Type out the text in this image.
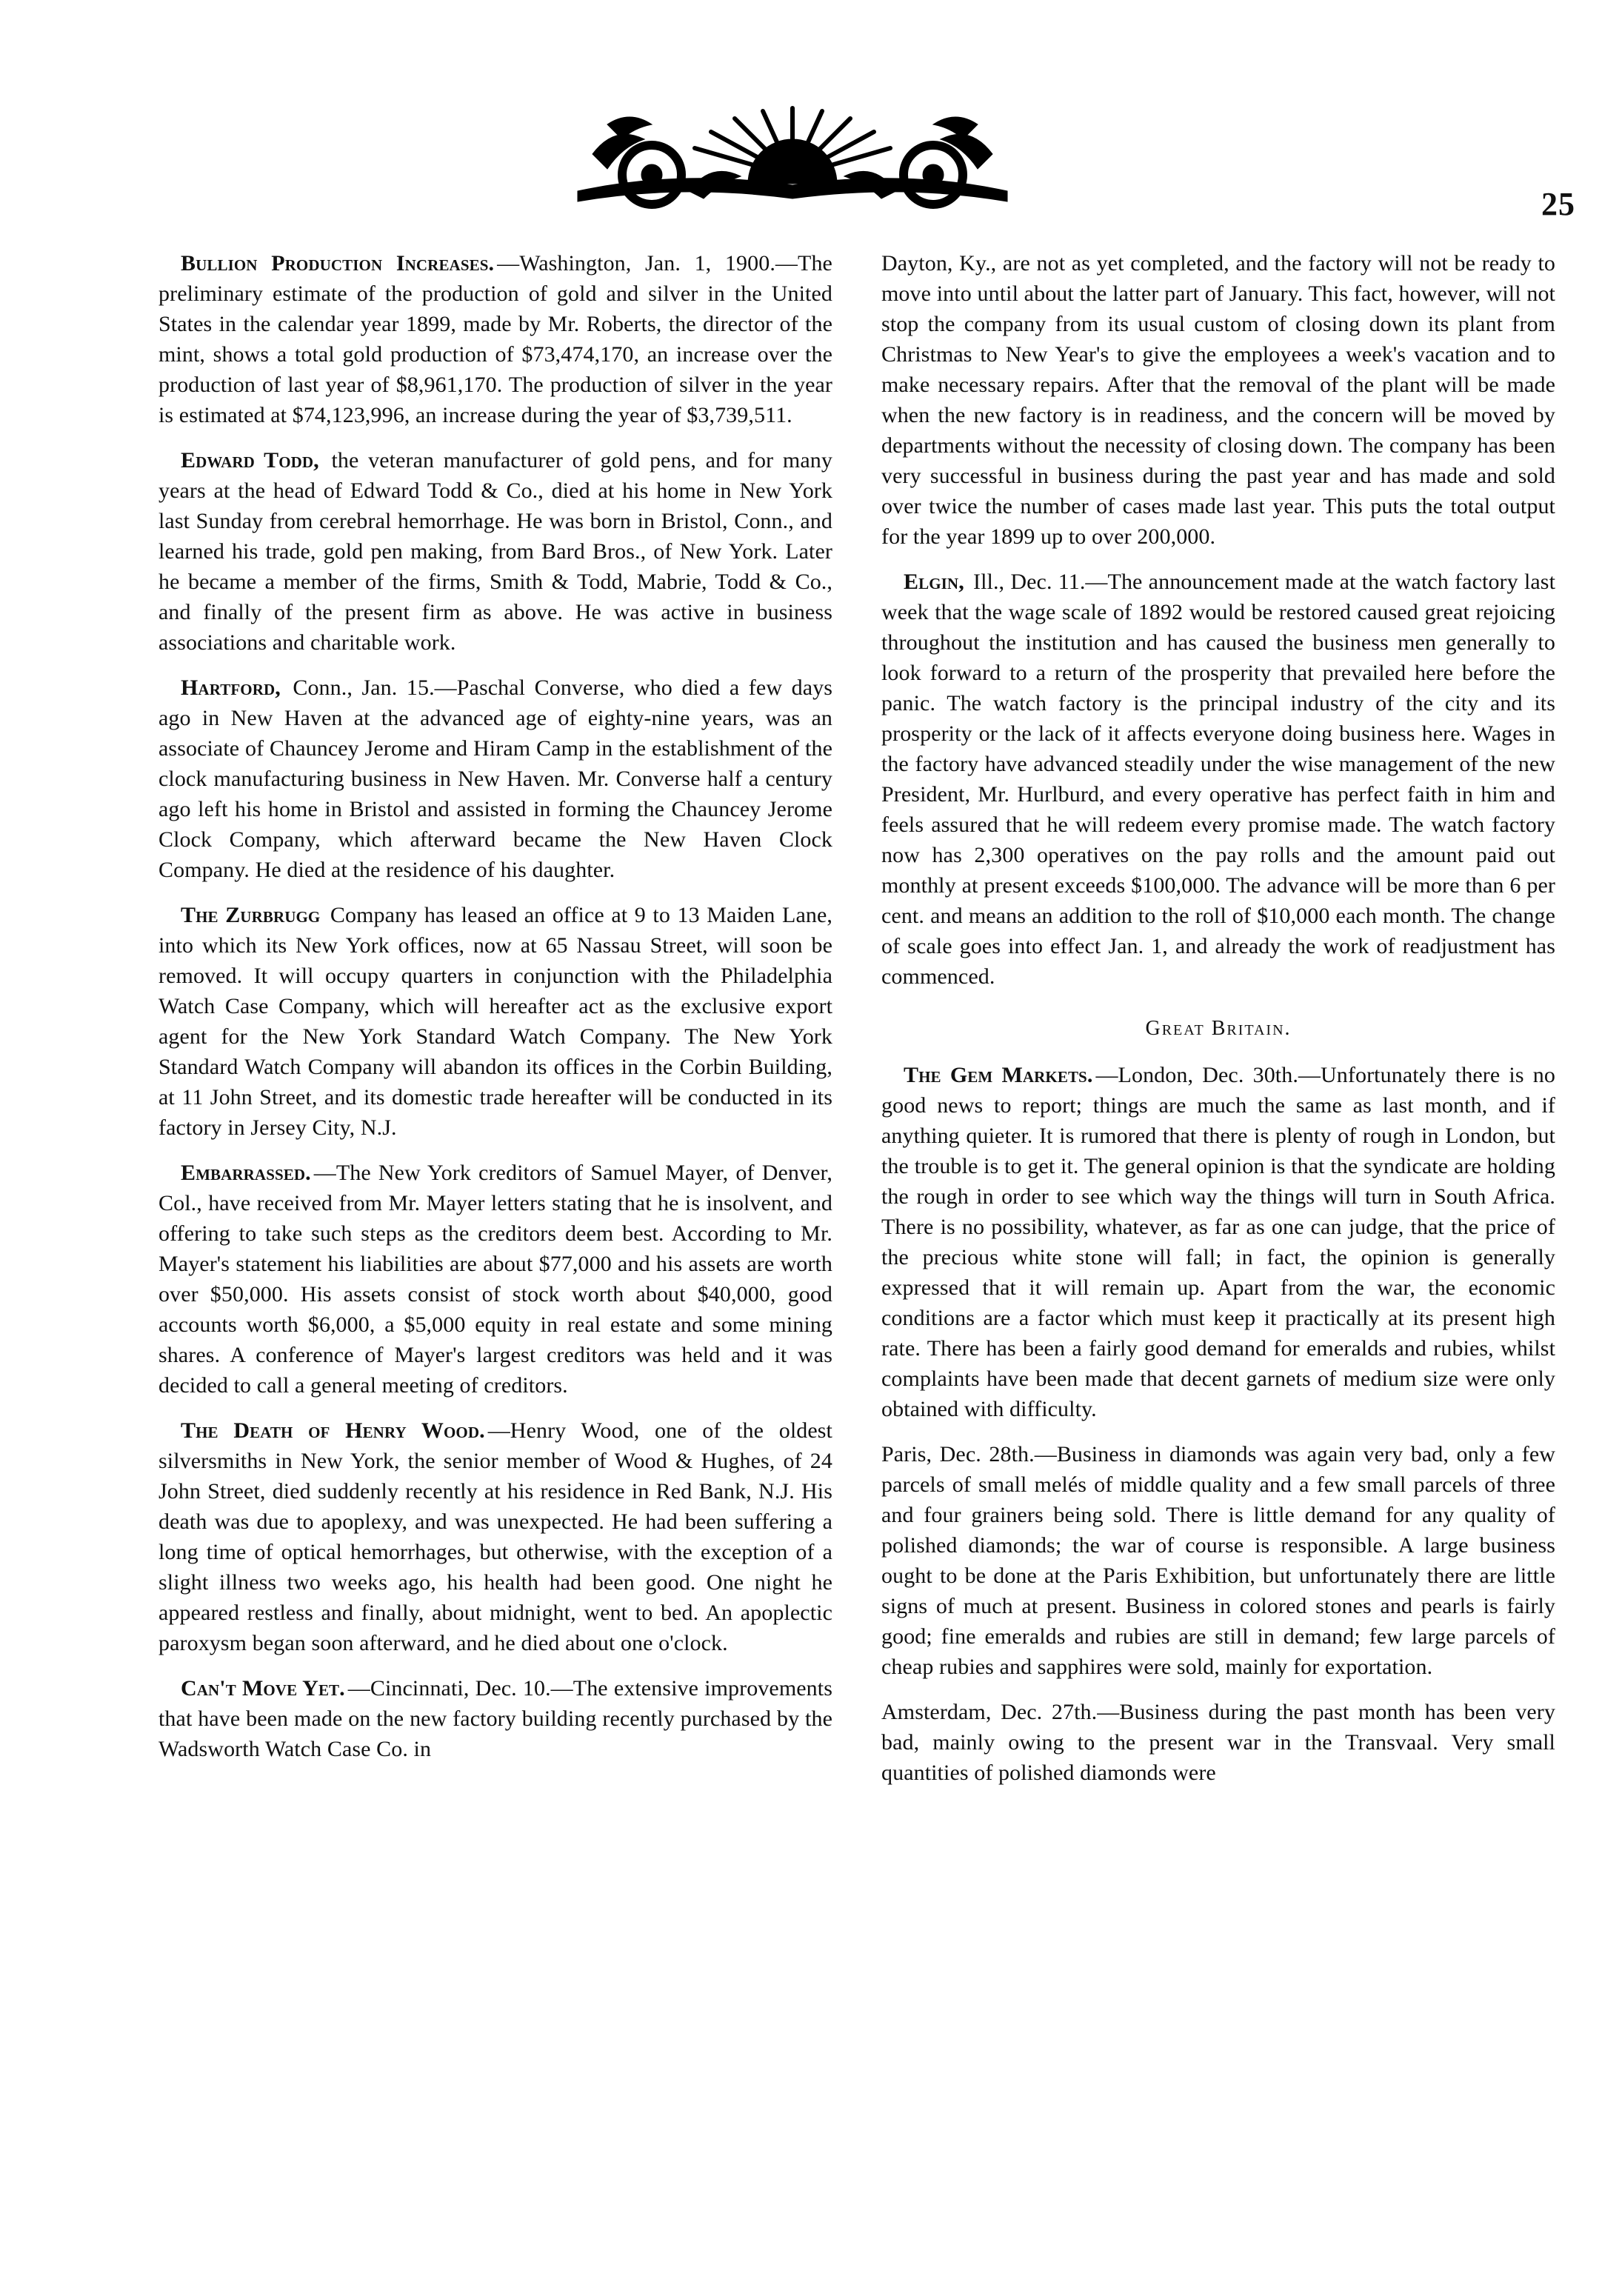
25

Bullion Production Increases. —Washington, Jan. 1, 1900.—The preliminary estimate of the production of gold and silver in the United States in the calendar year 1899, made by Mr. Roberts, the director of the mint, shows a total gold production of $73,474,170, an increase over the production of last year of $8,961,170. The production of silver in the year is estimated at $74,123,996, an increase during the year of $3,739,511.

Edward Todd, the veteran manufacturer of gold pens, and for many years at the head of Edward Todd & Co., died at his home in New York last Sunday from cerebral hemorrhage. He was born in Bristol, Conn., and learned his trade, gold pen making, from Bard Bros., of New York. Later he became a member of the firms, Smith & Todd, Mabrie, Todd & Co., and finally of the present firm as above. He was active in business associations and charitable work.

Hartford, Conn., Jan. 15.—Paschal Converse, who died a few days ago in New Haven at the advanced age of eighty-nine years, was an associate of Chauncey Jerome and Hiram Camp in the establishment of the clock manufacturing business in New Haven. Mr. Converse half a century ago left his home in Bristol and assisted in forming the Chauncey Jerome Clock Company, which afterward became the New Haven Clock Company. He died at the residence of his daughter.

The Zurbrugg Company has leased an office at 9 to 13 Maiden Lane, into which its New York offices, now at 65 Nassau Street, will soon be removed. It will occupy quarters in conjunction with the Philadelphia Watch Case Company, which will hereafter act as the exclusive export agent for the New York Standard Watch Company. The New York Standard Watch Company will abandon its offices in the Corbin Building, at 11 John Street, and its domestic trade hereafter will be conducted in its factory in Jersey City, N.J.

Embarrassed. —The New York creditors of Samuel Mayer, of Denver, Col., have received from Mr. Mayer letters stating that he is insolvent, and offering to take such steps as the creditors deem best. According to Mr. Mayer's statement his liabilities are about $77,000 and his assets are worth over $50,000. His assets consist of stock worth about $40,000, good accounts worth $6,000, a $5,000 equity in real estate and some mining shares. A conference of Mayer's largest creditors was held and it was decided to call a general meeting of creditors.

The Death of Henry Wood. —Henry Wood, one of the oldest silversmiths in New York, the senior member of Wood & Hughes, of 24 John Street, died suddenly recently at his residence in Red Bank, N.J. His death was due to apoplexy, and was unexpected. He had been suffering a long time of optical hemorrhages, but otherwise, with the exception of a slight illness two weeks ago, his health had been good. One night he appeared restless and finally, about midnight, went to bed. An apoplectic paroxysm began soon afterward, and he died about one o'clock.

Can't Move Yet. —Cincinnati, Dec. 10.—The extensive improvements that have been made on the new factory building recently purchased by the Wadsworth Watch Case Co. in

Dayton, Ky., are not as yet completed, and the factory will not be ready to move into until about the latter part of January. This fact, however, will not stop the company from its usual custom of closing down its plant from Christmas to New Year's to give the employees a week's vacation and to make necessary repairs. After that the removal of the plant will be made when the new factory is in readiness, and the concern will be moved by departments without the necessity of closing down. The company has been very successful in business during the past year and has made and sold over twice the number of cases made last year. This puts the total output for the year 1899 up to over 200,000.

Elgin, Ill., Dec. 11.—The announcement made at the watch factory last week that the wage scale of 1892 would be restored caused great rejoicing throughout the institution and has caused the business men generally to look forward to a return of the prosperity that prevailed here before the panic. The watch factory is the principal industry of the city and its prosperity or the lack of it affects everyone doing business here. Wages in the factory have advanced steadily under the wise management of the new President, Mr. Hurlburd, and every operative has perfect faith in him and feels assured that he will redeem every promise made. The watch factory now has 2,300 operatives on the pay rolls and the amount paid out monthly at present exceeds $100,000. The advance will be more than 6 per cent. and means an addition to the roll of $10,000 each month. The change of scale goes into effect Jan. 1, and already the work of readjustment has commenced.

Great Britain.

The Gem Markets. —London, Dec. 30th.—Unfortunately there is no good news to report; things are much the same as last month, and if anything quieter. It is rumored that there is plenty of rough in London, but the trouble is to get it. The general opinion is that the syndicate are holding the rough in order to see which way the things will turn in South Africa. There is no possibility, whatever, as far as one can judge, that the price of the precious white stone will fall; in fact, the opinion is generally expressed that it will remain up. Apart from the war, the economic conditions are a factor which must keep it practically at its present high rate. There has been a fairly good demand for emeralds and rubies, whilst complaints have been made that decent garnets of medium size were only obtained with difficulty.

Paris, Dec. 28th.—Business in diamonds was again very bad, only a few parcels of small melés of middle quality and a few small parcels of three and four grainers being sold. There is little demand for any quality of polished diamonds; the war of course is responsible. A large business ought to be done at the Paris Exhibition, but unfortunately there are little signs of much at present. Business in colored stones and pearls is fairly good; fine emeralds and rubies are still in demand; few large parcels of cheap rubies and sapphires were sold, mainly for exportation.

Amsterdam, Dec. 27th.—Business during the past month has been very bad, mainly owing to the present war in the Transvaal. Very small quantities of polished diamonds were
